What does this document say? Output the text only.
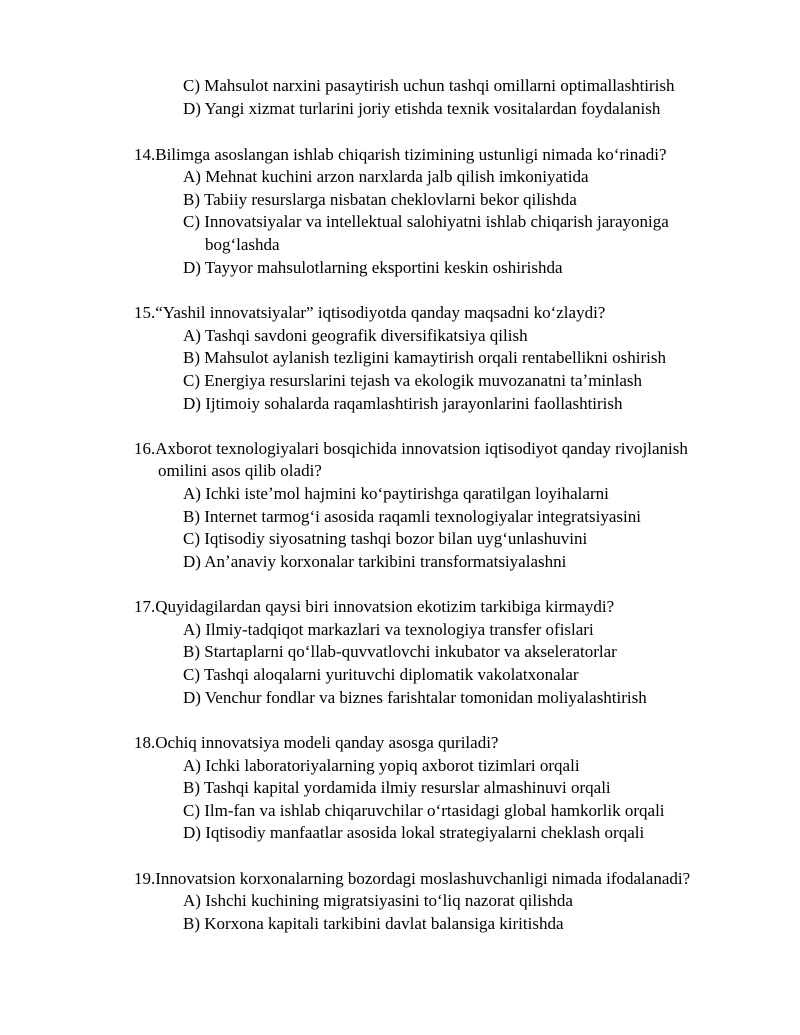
C) Mahsulot narxini pasaytirish uchun tashqi omillarni optimallashtirish
D) Yangi xizmat turlarini joriy etishda texnik vositalardan foydalanish
14.Bilimga asoslangan ishlab chiqarish tizimining ustunligi nimada koʻrinadi?
A) Mehnat kuchini arzon narxlarda jalb qilish imkoniyatida
B) Tabiiy resurslarga nisbatan cheklovlarni bekor qilishda
C) Innovatsiyalar va intellektual salohiyatni ishlab chiqarish jarayoniga
bogʻlashda
D) Tayyor mahsulotlarning eksportini keskin oshirishda
15.“Yashil innovatsiyalar” iqtisodiyotda qanday maqsadni koʻzlaydi?
A) Tashqi savdoni geografik diversifikatsiya qilish
B) Mahsulot aylanish tezligini kamaytirish orqali rentabellikni oshirish
C) Energiya resurslarini tejash va ekologik muvozanatni taʼminlash
D) Ijtimoiy sohalarda raqamlashtirish jarayonlarini faollashtirish
16.Axborot texnologiyalari bosqichida innovatsion iqtisodiyot qanday rivojlanish
omilini asos qilib oladi?
A) Ichki isteʼmol hajmini koʻpaytirishga qaratilgan loyihalarni
B) Internet tarmogʻi asosida raqamli texnologiyalar integratsiyasini
C) Iqtisodiy siyosatning tashqi bozor bilan uygʻunlashuvini
D) Anʼanaviy korxonalar tarkibini transformatsiyalashni
17.Quyidagilardan qaysi biri innovatsion ekotizim tarkibiga kirmaydi?
A) Ilmiy-tadqiqot markazlari va texnologiya transfer ofislari
B) Startaplarni qoʻllab-quvvatlovchi inkubator va akseleratorlar
C) Tashqi aloqalarni yurituvchi diplomatik vakolatxonalar
D) Venchur fondlar va biznes farishtalar tomonidan moliyalashtirish
18.Ochiq innovatsiya modeli qanday asosga quriladi?
A) Ichki laboratoriyalarning yopiq axborot tizimlari orqali
B) Tashqi kapital yordamida ilmiy resurslar almashinuvi orqali
C) Ilm-fan va ishlab chiqaruvchilar oʻrtasidagi global hamkorlik orqali
D) Iqtisodiy manfaatlar asosida lokal strategiyalarni cheklash orqali
19.Innovatsion korxonalarning bozordagi moslashuvchanligi nimada ifodalanadi?
A) Ishchi kuchining migratsiyasini toʻliq nazorat qilishda
B) Korxona kapitali tarkibini davlat balansiga kiritishda
